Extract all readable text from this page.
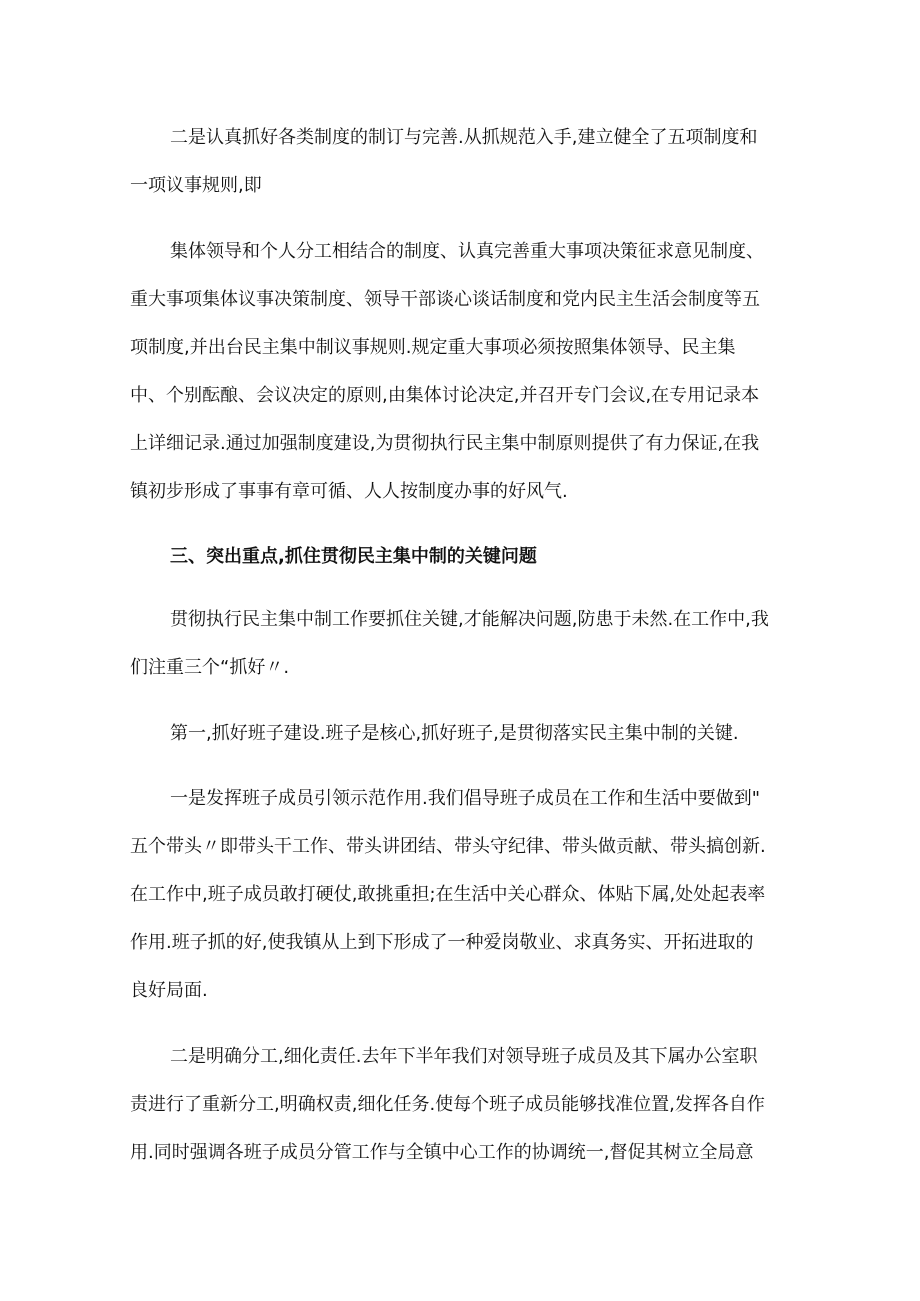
二是认真抓好各类制度的制订与完善.从抓规范入手,建立健全了五项制度和
一项议事规则,即
集体领导和个人分工相结合的制度、认真完善重大事项决策征求意见制度、
重大事项集体议事决策制度、领导干部谈心谈话制度和党内民主生活会制度等五
项制度,并出台民主集中制议事规则.规定重大事项必须按照集体领导、民主集
中、个别酝酿、会议决定的原则,由集体讨论决定,并召开专门会议,在专用记录本
上详细记录.通过加强制度建设,为贯彻执行民主集中制原则提供了有力保证,在我
镇初步形成了事事有章可循、人人按制度办事的好风气.
三、突出重点,抓住贯彻民主集中制的关键问题
贯彻执行民主集中制工作要抓住关键,才能解决问题,防患于未然.在工作中,我
们注重三个“抓好〃.
第一,抓好班子建设.班子是核心,抓好班子,是贯彻落实民主集中制的关键.
一是发挥班子成员引领示范作用.我们倡导班子成员在工作和生活中要做到"
五个带头〃即带头干工作、带头讲团结、带头守纪律、带头做贡献、带头搞创新.
在工作中,班子成员敢打硬仗,敢挑重担;在生活中关心群众、体贴下属,处处起表率
作用.班子抓的好,使我镇从上到下形成了一种爱岗敬业、求真务实、开拓进取的
良好局面.
二是明确分工,细化责任.去年下半年我们对领导班子成员及其下属办公室职
责进行了重新分工,明确权责,细化任务.使每个班子成员能够找准位置,发挥各自作
用.同时强调各班子成员分管工作与全镇中心工作的协调统一,督促其树立全局意
